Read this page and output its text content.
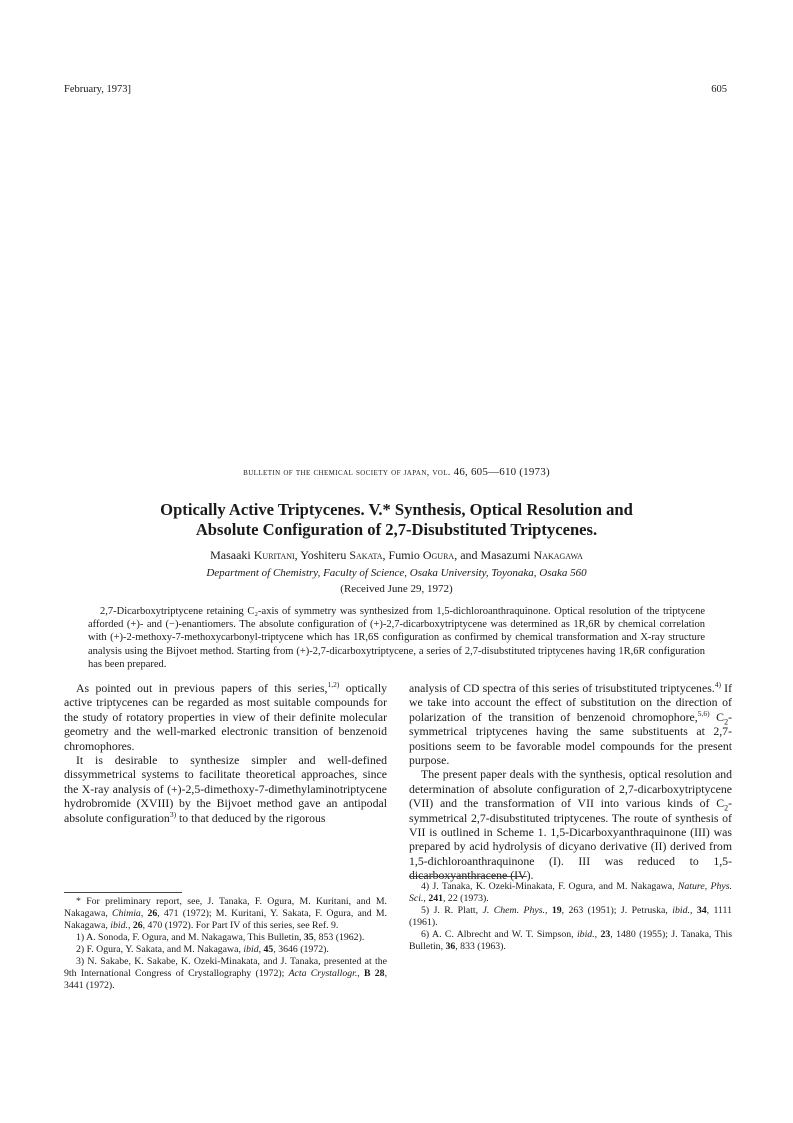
February, 1973]	605
bulletin of the chemical society of japan, vol. 46, 605—610 (1973)
Optically Active Triptycenes. V.* Synthesis, Optical Resolution and
Absolute Configuration of 2,7-Disubstituted Triptycenes.
Masaaki Kuritani, Yoshiteru Sakata, Fumio Ogura, and Masazumi Nakagawa
Department of Chemistry, Faculty of Science, Osaka University, Toyonaka, Osaka 560
(Received June 29, 1972)

2,7-Dicarboxytriptycene retaining C₂-axis of symmetry was synthesized from 1,5-dichloroanthraquinone. Optical resolution of the triptycene afforded (+)- and (−)-enantiomers. The absolute configuration of (+)-2,7-dicarboxytriptycene was determined as 1R,6R by chemical correlation with (+)-2-methoxy-7-methoxycarbonyl-triptycene which has 1R,6S configuration as confirmed by chemical transformation and X-ray structure analysis using the Bijvoet method. Starting from (+)-2,7-dicarboxytriptycene, a series of 2,7-disubstituted triptycenes having 1R,6R configuration has been prepared.

As pointed out in previous papers of this series,$^{1,2)}$ optically active triptycenes can be regarded as most suitable compounds for the study of rotatory properties in view of their definite molecular geometry and the well-marked electronic transition of benzenoid chromophores.

It is desirable to synthesize simpler and well-defined dissymmetrical systems to facilitate theoretical approaches, since the X-ray analysis of (+)-2,5-dimethoxy-7-dimethylaminotriptycene hydrobromide (XVIII) by the Bijvoet method gave an antipodal absolute configuration$^{3)}$ to that deduced by the rigorous

analysis of CD spectra of this series of trisubstituted triptycenes.$^{4)}$ If we take into account the effect of substitution on the direction of polarization of the transition of benzenoid chromophore,$^{5,6)}$ $C_2$-symmetrical triptycenes having the same substituents at 2,7-positions seem to be favorable model compounds for the present purpose.

The present paper deals with the synthesis, optical resolution and determination of absolute configuration of 2,7-dicarboxytriptycene (VII) and the transformation of VII into various kinds of $C_2$-symmetrical 2,7-disubstituted triptycenes. The route of synthesis of VII is outlined in Scheme 1. 1,5-Dicarboxyanthraquinone (III) was prepared by acid hydrolysis of dicyano derivative (II) derived from 1,5-dichloroanthraquinone (I). III was reduced to 1,5-dicarboxyanthracene (IV).

* For preliminary report, see, J. Tanaka, F. Ogura, M. Kuritani, and M. Nakagawa, Chimia, 26, 471 (1972); M. Kuritani, Y. Sakata, F. Ogura, and M. Nakagawa, ibid., 26, 470 (1972). For Part IV of this series, see Ref. 9.

1) A. Sonoda, F. Ogura, and M. Nakagawa, This Bulletin, 35, 853 (1962).

2) F. Ogura, Y. Sakata, and M. Nakagawa, ibid, 45, 3646 (1972).

3) N. Sakabe, K. Sakabe, K. Ozeki-Minakata, and J. Tanaka, presented at the 9th International Congress of Crystallography (1972); Acta Crystallogr., B 28, 3441 (1972).

4) J. Tanaka, K. Ozeki-Minakata, F. Ogura, and M. Nakagawa, Nature, Phys. Sci., 241, 22 (1973).

5) J. R. Platt, J. Chem. Phys., 19, 263 (1951); J. Petruska, ibid., 34, 1111 (1961).

6) A. C. Albrecht and W. T. Simpson, ibid., 23, 1480 (1955); J. Tanaka, This Bulletin, 36, 833 (1963).
